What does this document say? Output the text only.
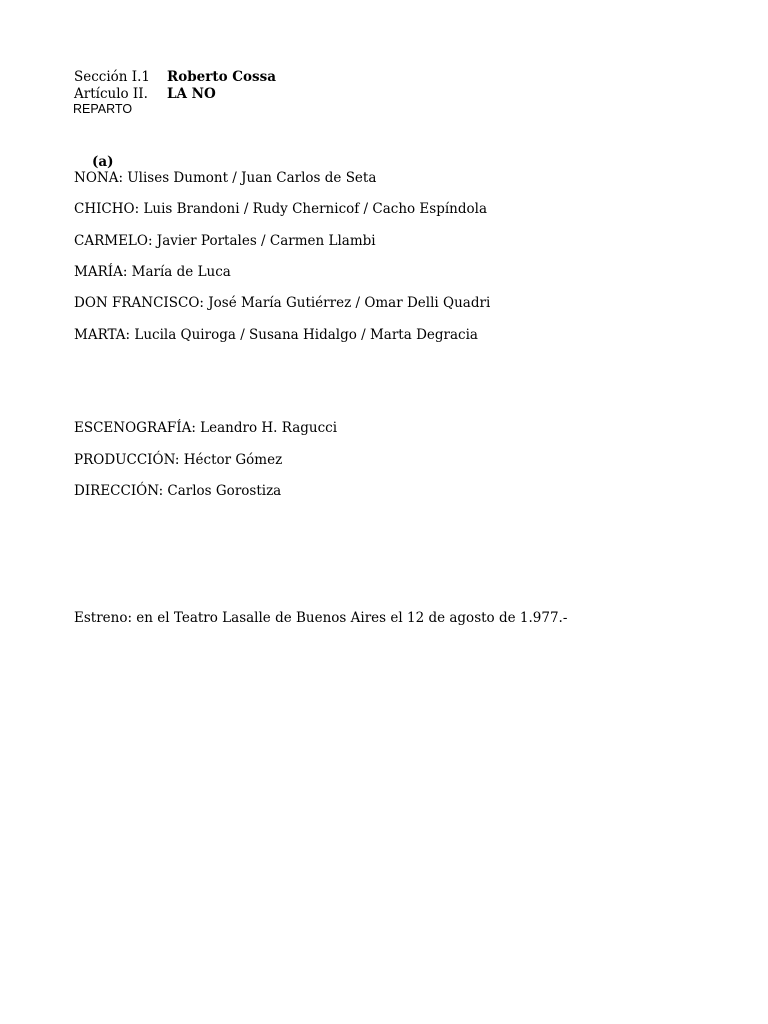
Sección I.1 Roberto Cossa
Artículo II. LA NO
REPARTO
(a)
NONA: Ulises Dumont / Juan Carlos de Seta
CHICHO: Luis Brandoni / Rudy Chernicof / Cacho Espíndola
CARMELO: Javier Portales / Carmen Llambi
MARÍA: María de Luca
DON FRANCISCO: José María Gutiérrez / Omar Delli Quadri
MARTA: Lucila Quiroga / Susana Hidalgo / Marta Degracia
ESCENOGRAFÍA: Leandro H. Ragucci
PRODUCCIÓN: Héctor Gómez
DIRECCIÓN: Carlos Gorostiza
Estreno: en el Teatro Lasalle de Buenos Aires el 12 de agosto de 1.977.-
